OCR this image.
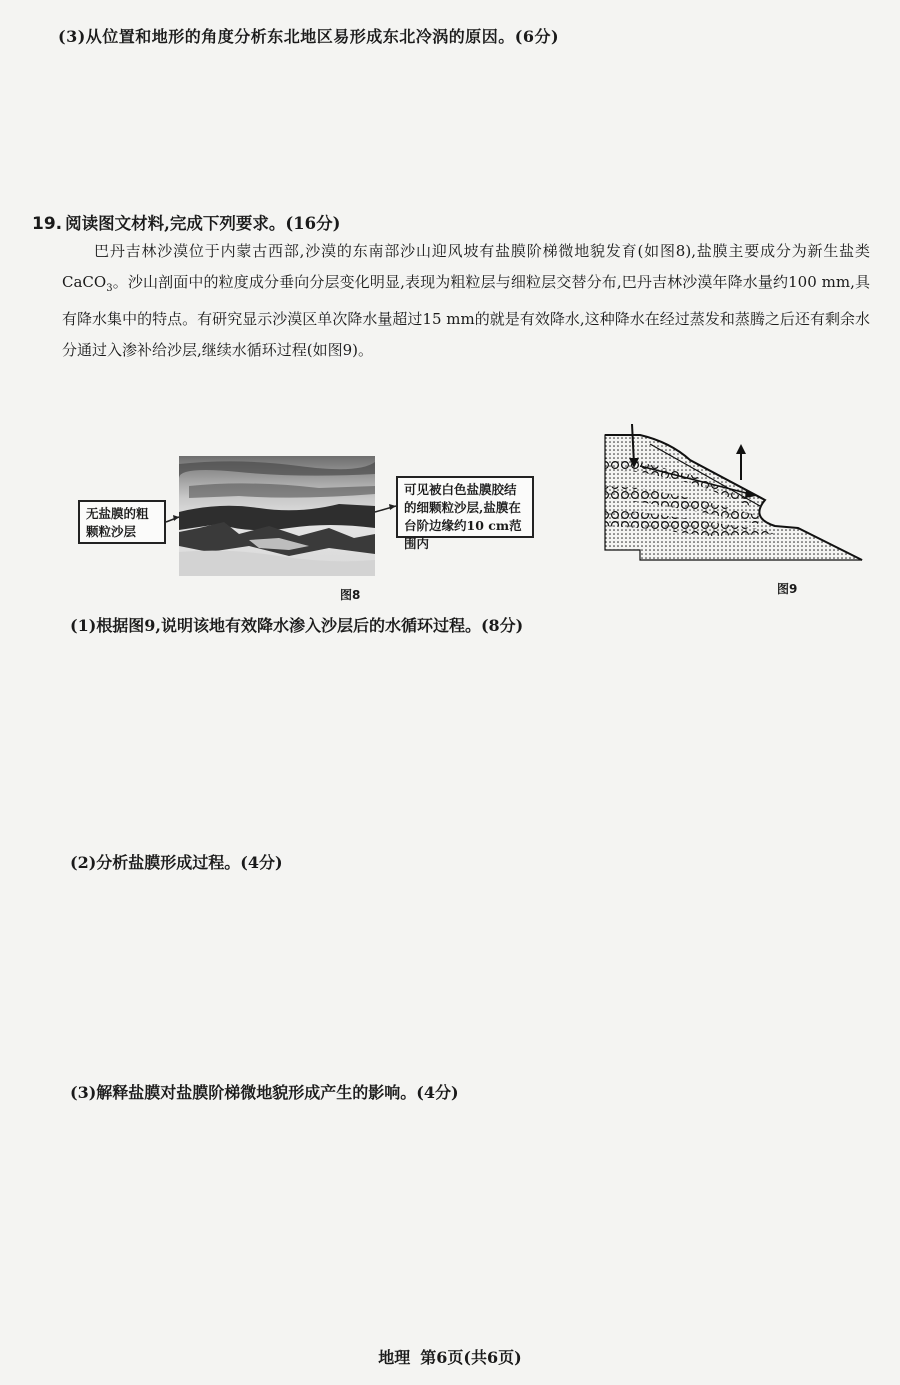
(3)从位置和地形的角度分析东北地区易形成东北冷涡的原因。(6分)
19. 阅读图文材料,完成下列要求。(16分)

巴丹吉林沙漠位于内蒙古西部,沙漠的东南部沙山迎风坡有盐膜阶梯微地貌发育(如图8),盐膜主要成分为新生盐类CaCO$_3$。沙山剖面中的粒度成分垂向分层变化明显,表现为粗粒层与细粒层交替分布,巴丹吉林沙漠年降水量约100 mm,具有降水集中的特点。有研究显示沙漠区单次降水量超过15 mm的就是有效降水,这种降水在经过蒸发和蒸腾之后还有剩余水分通过入渗补给沙层,继续水循环过程(如图9)。

无盐膜的粗颗粒沙层
可见被白色盐膜胶结的细颗粒沙层,盐膜在台阶边缘约10 cm范围内
图8	图9
(1)根据图9,说明该地有效降水渗入沙层后的水循环过程。(8分)
(2)分析盐膜形成过程。(4分)
(3)解释盐膜对盐膜阶梯微地貌形成产生的影响。(4分)
地理 第6页(共6页)
